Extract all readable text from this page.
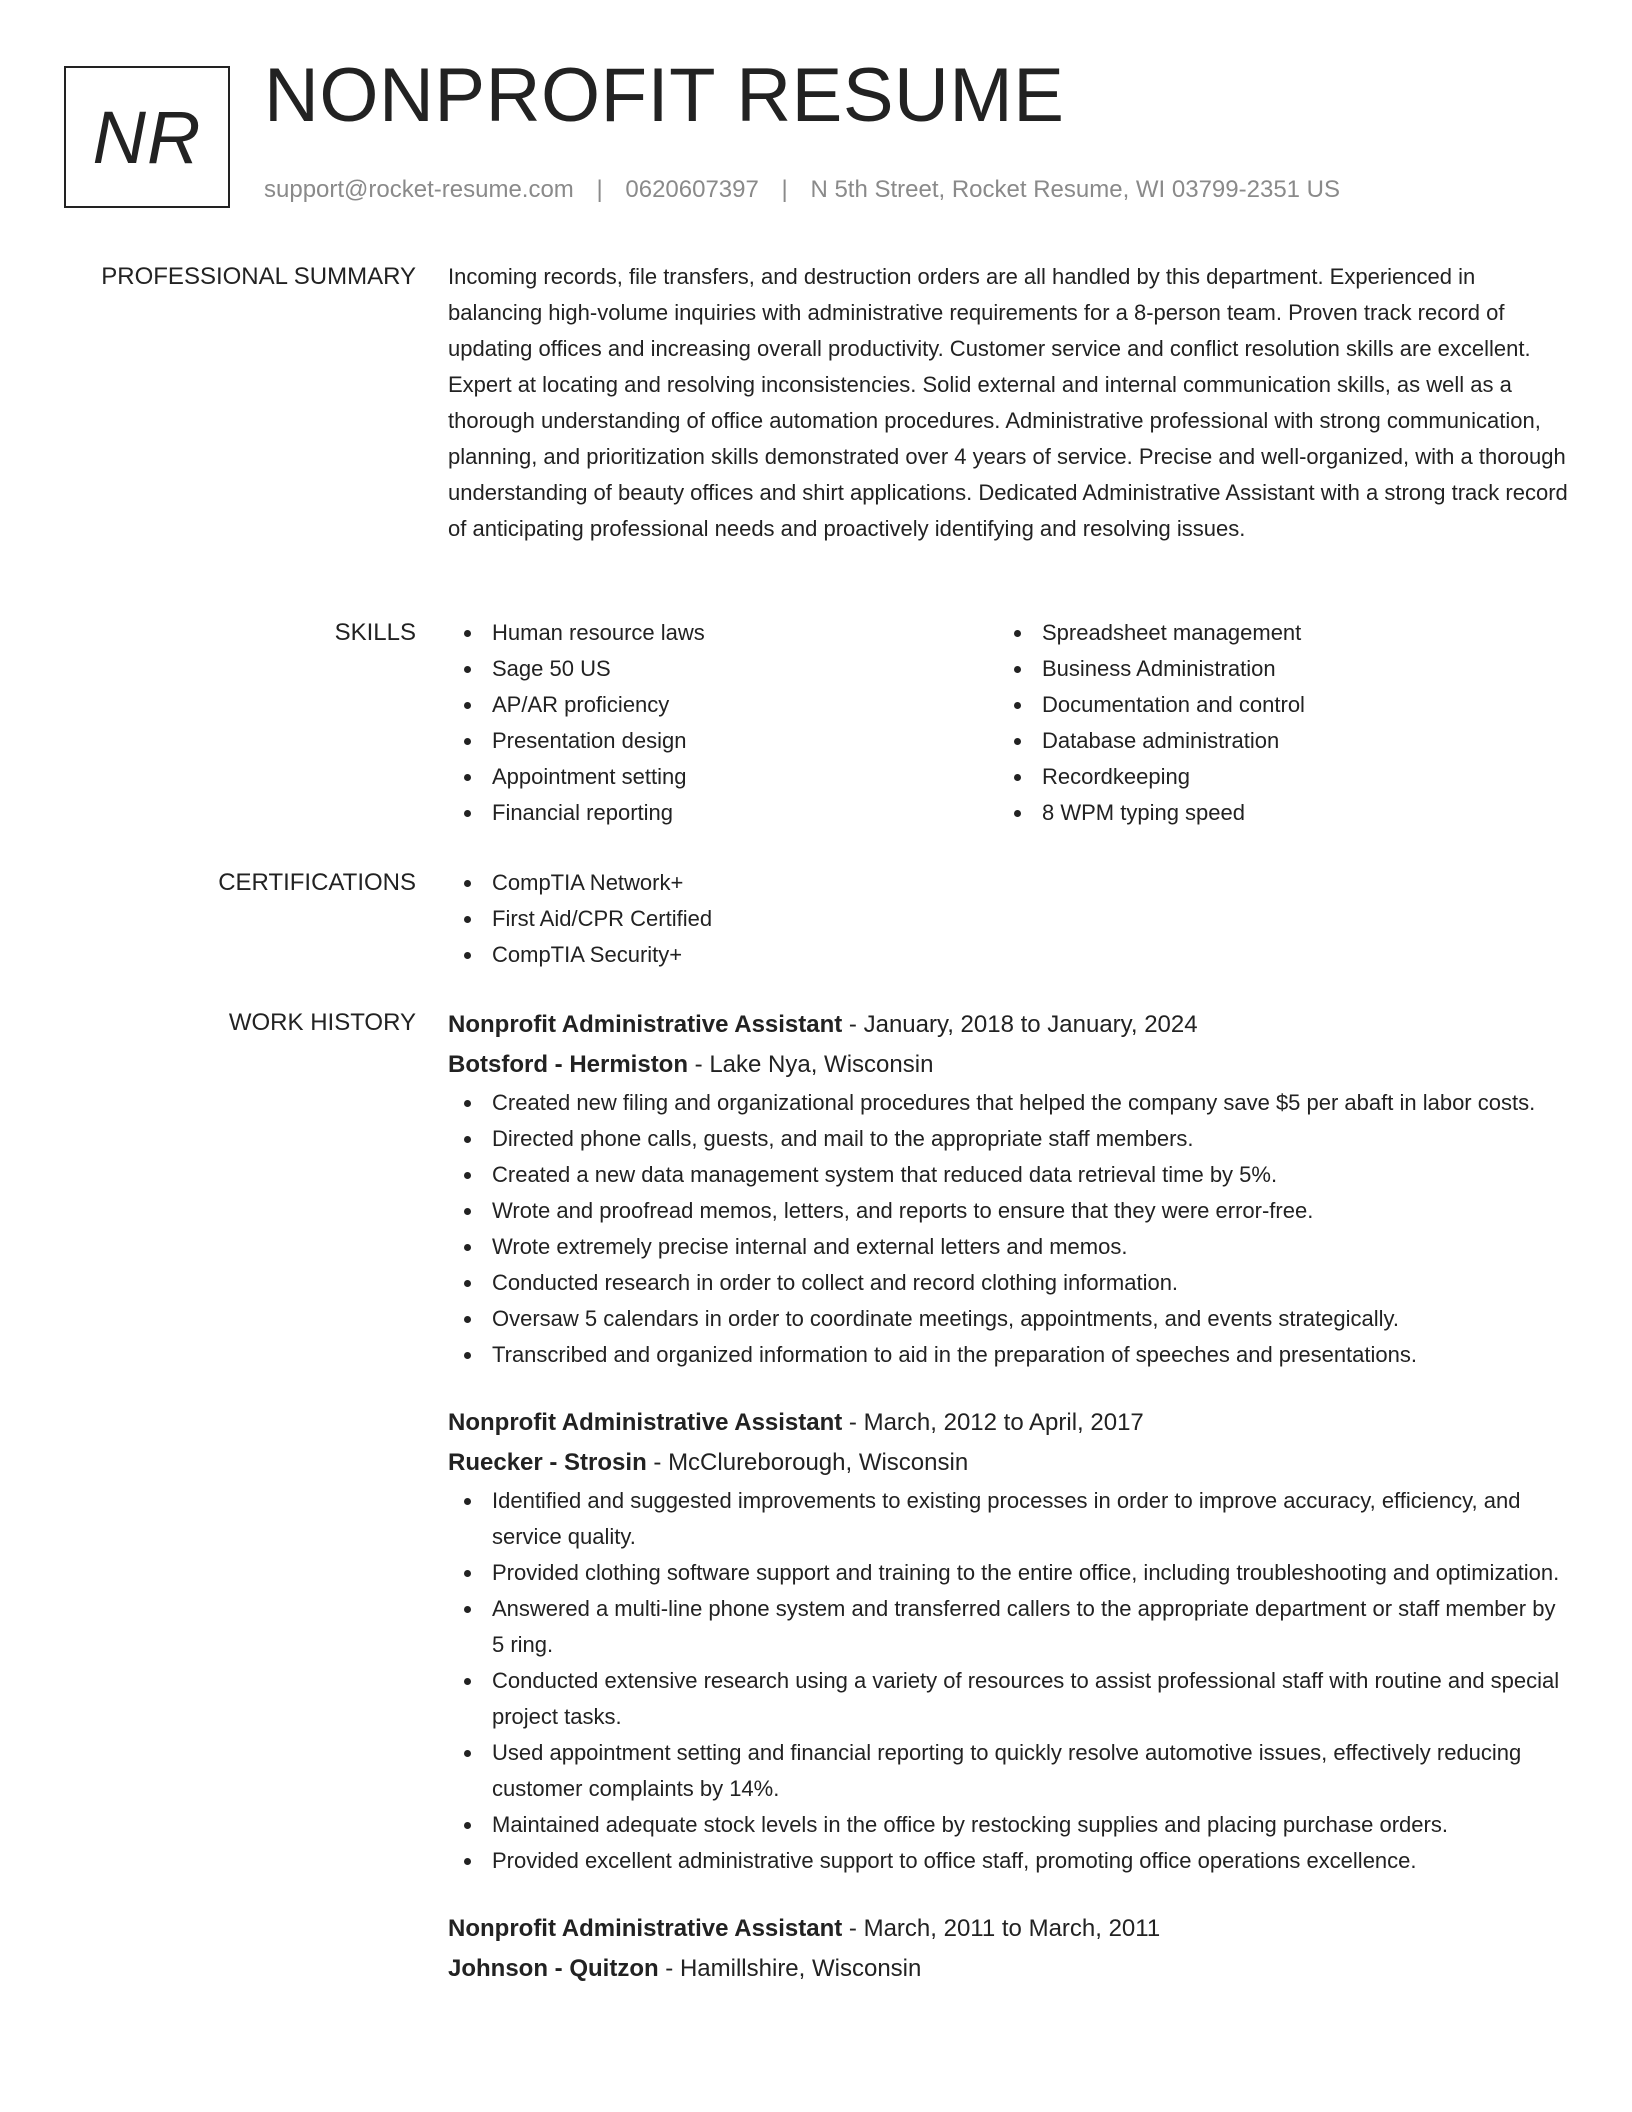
NR NONPROFIT RESUME
support@rocket-resume.com | 0620607397 | N 5th Street, Rocket Resume, WI 03799-2351 US
PROFESSIONAL SUMMARY Incoming records, file transfers, and destruction orders are all handled by this department. Experienced in balancing high-volume inquiries with administrative requirements for a 8-person team. Proven track record of updating offices and increasing overall productivity. Customer service and conflict resolution skills are excellent. Expert at locating and resolving inconsistencies. Solid external and internal communication skills, as well as a thorough understanding of office automation procedures. Administrative professional with strong communication, planning, and prioritization skills demonstrated over 4 years of service. Precise and well-organized, with a thorough understanding of beauty offices and shirt applications. Dedicated Administrative Assistant with a strong track record of anticipating professional needs and proactively identifying and resolving issues.

SKILLS	Human resource laws
Sage 50 US
AP/AR proficiency
Presentation design
Appointment setting
Financial reporting
Spreadsheet management
Business Administration
Documentation and control
Database administration
Recordkeeping
8 WPM typing speed
CERTIFICATIONS	CompTIA Network+
First Aid/CPR Certified
CompTIA Security+
WORK HISTORY Nonprofit Administrative Assistant - January, 2018 to January, 2024
Botsford - Hermiston - Lake Nya, Wisconsin
Created new filing and organizational procedures that helped the company save $5 per abaft in labor costs.
Directed phone calls, guests, and mail to the appropriate staff members.
Created a new data management system that reduced data retrieval time by 5%.
Wrote and proofread memos, letters, and reports to ensure that they were error-free.
Wrote extremely precise internal and external letters and memos.
Conducted research in order to collect and record clothing information.
Oversaw 5 calendars in order to coordinate meetings, appointments, and events strategically.
Transcribed and organized information to aid in the preparation of speeches and presentations.
Nonprofit Administrative Assistant - March, 2012 to April, 2017
Ruecker - Strosin - McClureborough, Wisconsin
Identified and suggested improvements to existing processes in order to improve accuracy, efficiency, and service quality.
Provided clothing software support and training to the entire office, including troubleshooting and optimization.
Answered a multi-line phone system and transferred callers to the appropriate department or staff member by 5 ring.
Conducted extensive research using a variety of resources to assist professional staff with routine and special project tasks.
Used appointment setting and financial reporting to quickly resolve automotive issues, effectively reducing customer complaints by 14%.
Maintained adequate stock levels in the office by restocking supplies and placing purchase orders.
Provided excellent administrative support to office staff, promoting office operations excellence.
Nonprofit Administrative Assistant - March, 2011 to March, 2011
Johnson - Quitzon - Hamillshire, Wisconsin
